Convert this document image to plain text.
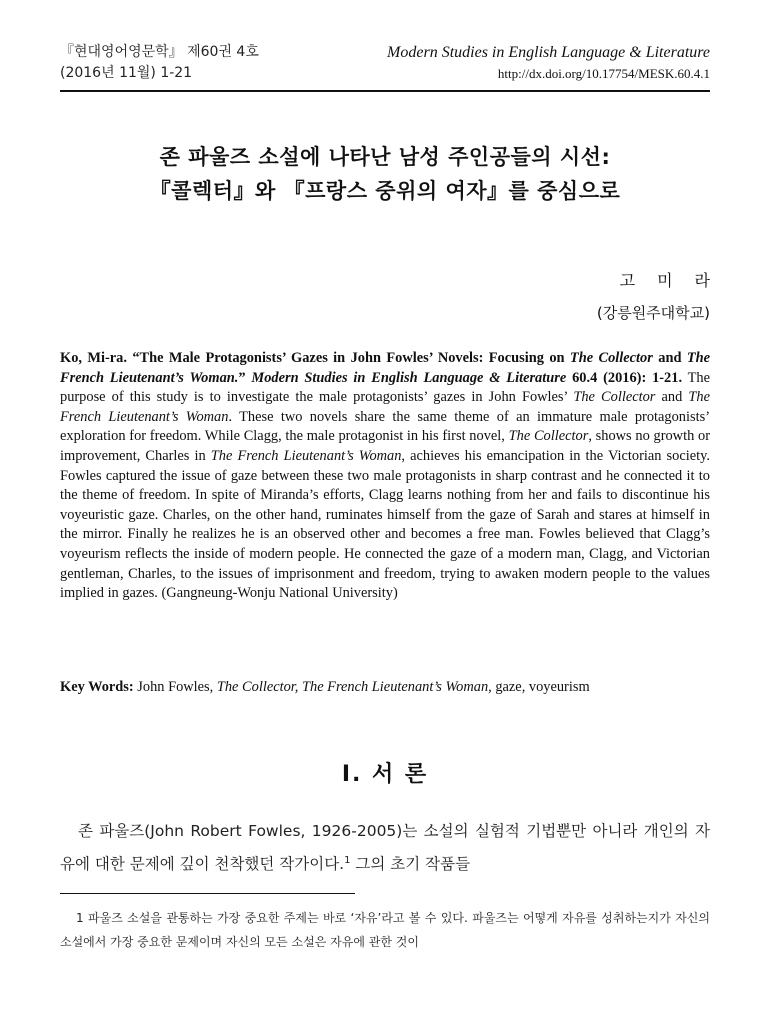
『현대영어영문학』 제60권 4호
(2016년 11월) 1-21
Modern Studies in English Language & Literature
http://dx.doi.org/10.17754/MESK.60.4.1
존 파울즈 소설에 나타난 남성 주인공들의 시선:
『콜렉터』와 『프랑스 중위의 여자』를 중심으로
고미라
(강릉원주대학교)
Ko, Mi-ra. “The Male Protagonists’ Gazes in John Fowles’ Novels: Focusing on The Collector and The French Lieutenant’s Woman.” Modern Studies in English Language & Literature 60.4 (2016): 1-21. The purpose of this study is to investigate the male protagonists’ gazes in John Fowles’ The Collector and The French Lieutenant’s Woman. These two novels share the same theme of an immature male protagonists’ exploration for freedom. While Clagg, the male protagonist in his first novel, The Collector, shows no growth or improvement, Charles in The French Lieutenant’s Woman, achieves his emancipation in the Victorian society. Fowles captured the issue of gaze between these two male protagonists in sharp contrast and he connected it to the theme of freedom. In spite of Miranda’s efforts, Clagg learns nothing from her and fails to discontinue his voyeuristic gaze. Charles, on the other hand, ruminates himself from the gaze of Sarah and stares at himself in the mirror. Finally he realizes he is an observed other and becomes a free man. Fowles believed that Clagg’s voyeurism reflects the inside of modern people. He connected the gaze of a modern man, Clagg, and Victorian gentleman, Charles, to the issues of imprisonment and freedom, trying to awaken modern people to the values implied in gazes. (Gangneung-Wonju National University)
Key Words: John Fowles, The Collector, The French Lieutenant’s Woman, gaze, voyeurism
I. 서 론
존 파울즈(John Robert Fowles, 1926-2005)는 소설의 실험적 기법뿐만 아니라 개인의 자유에 대한 문제에 깊이 천착했던 작가이다.$^1$ 그의 초기 작품들
1 파울즈 소설을 관통하는 가장 중요한 주제는 바로 ‘자유’라고 볼 수 있다. 파울즈는 어떻게 자유를 성취하는지가 자신의 소설에서 가장 중요한 문제이며 자신의 모든 소설은 자유에 관한 것이
